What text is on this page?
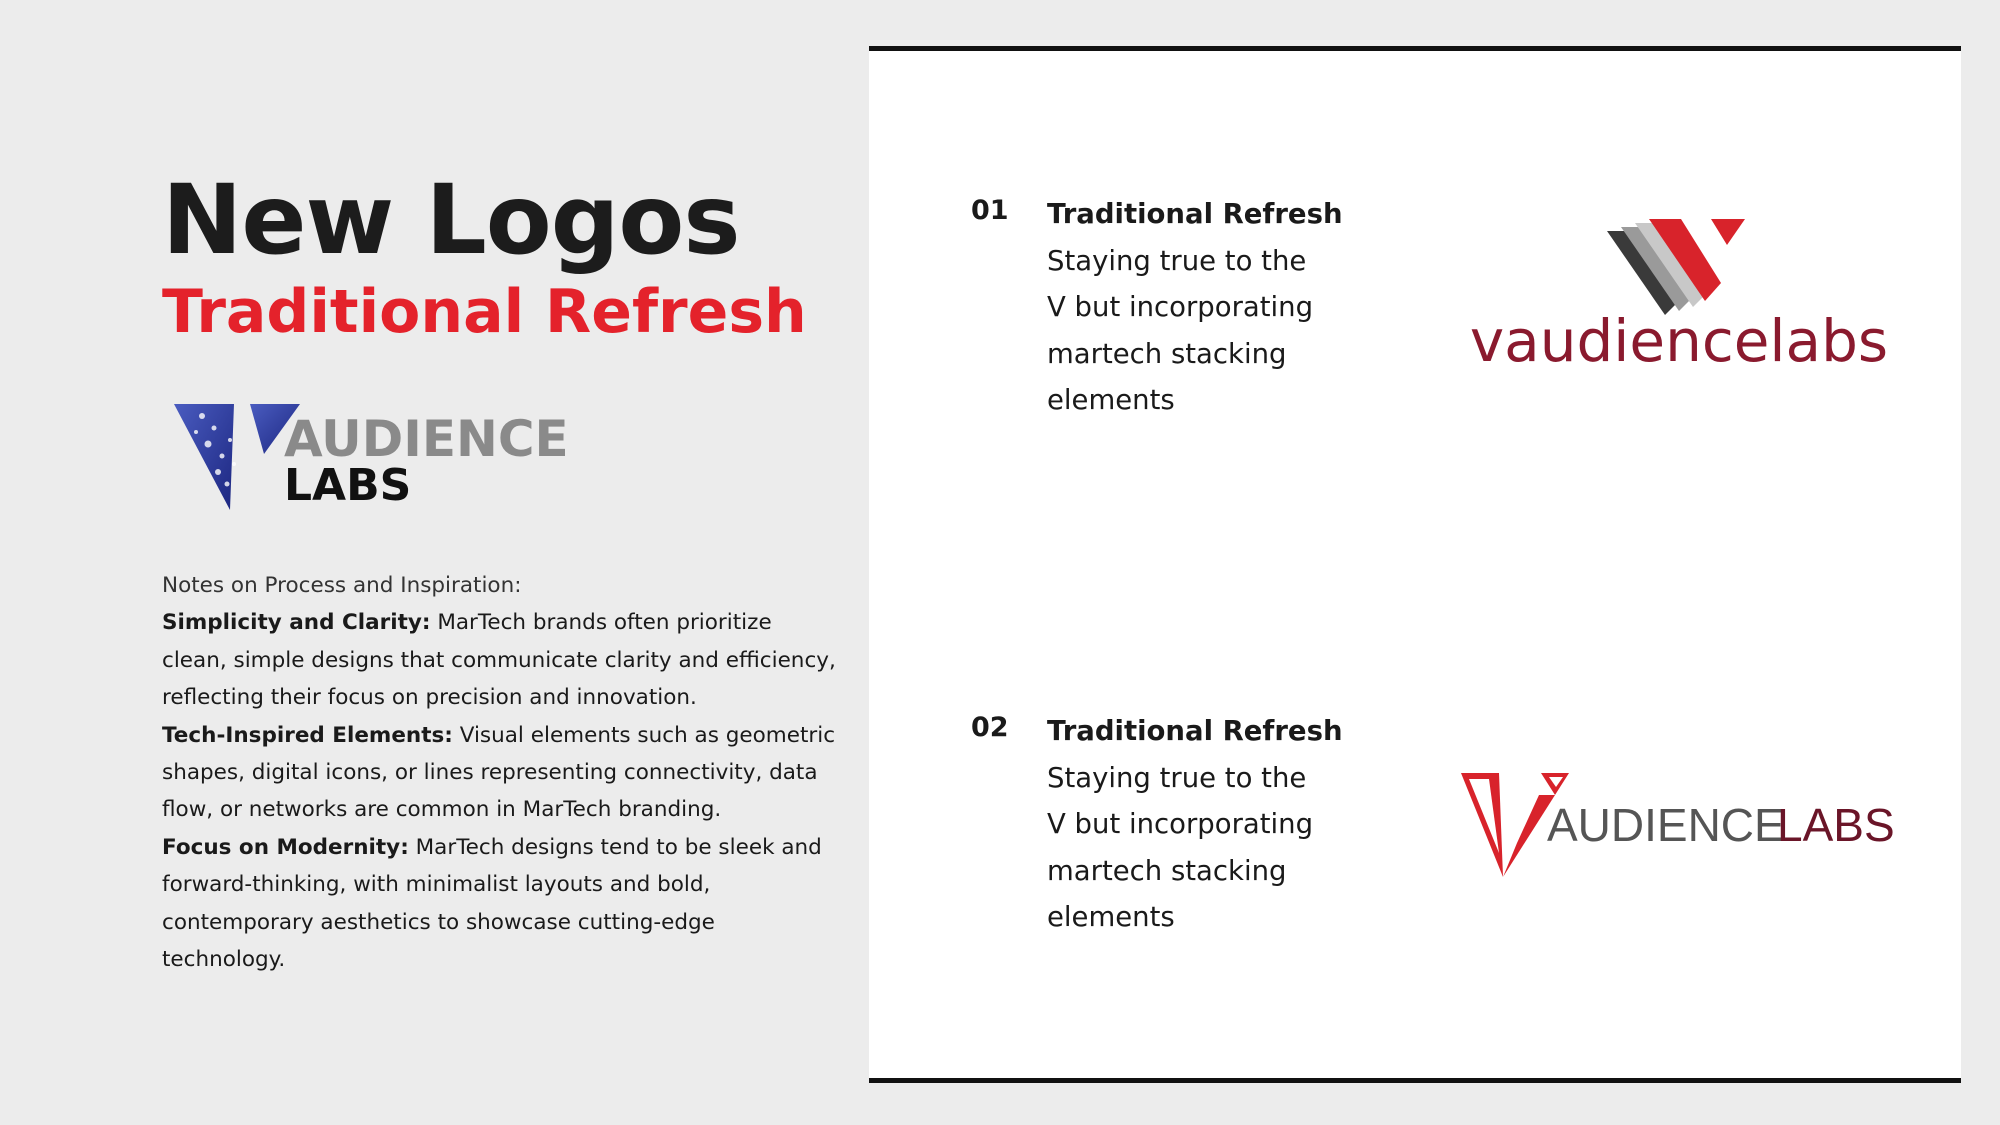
New Logos
Traditional Refresh
AUDIENCE
LABS

Notes on Process and Inspiration:

Simplicity and Clarity: MarTech brands often prioritize clean, simple designs that communicate clarity and efficiency, reflecting their focus on precision and innovation.

Tech-Inspired Elements: Visual elements such as geometric shapes, digital icons, or lines representing connectivity, data flow, or networks are common in MarTech branding.

Focus on Modernity: MarTech designs tend to be sleek and forward-thinking, with minimalist layouts and bold, contemporary aesthetics to showcase cutting-edge technology.

01 Traditional Refresh
Staying true to the
V but incorporating
martech stacking
elements
vaudiencelabs
02 Traditional Refresh
Staying true to the
V but incorporating
martech stacking
elements
AUDIENCE
LABS
